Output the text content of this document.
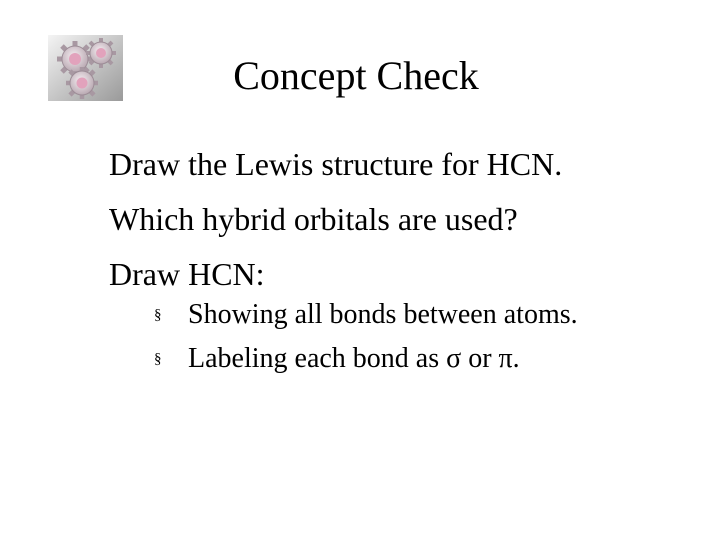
Concept Check
Draw the Lewis structure for HCN.
Which hybrid orbitals are used?
Draw HCN:
§ Showing all bonds between atoms.
§ Labeling each bond as σ or π.
